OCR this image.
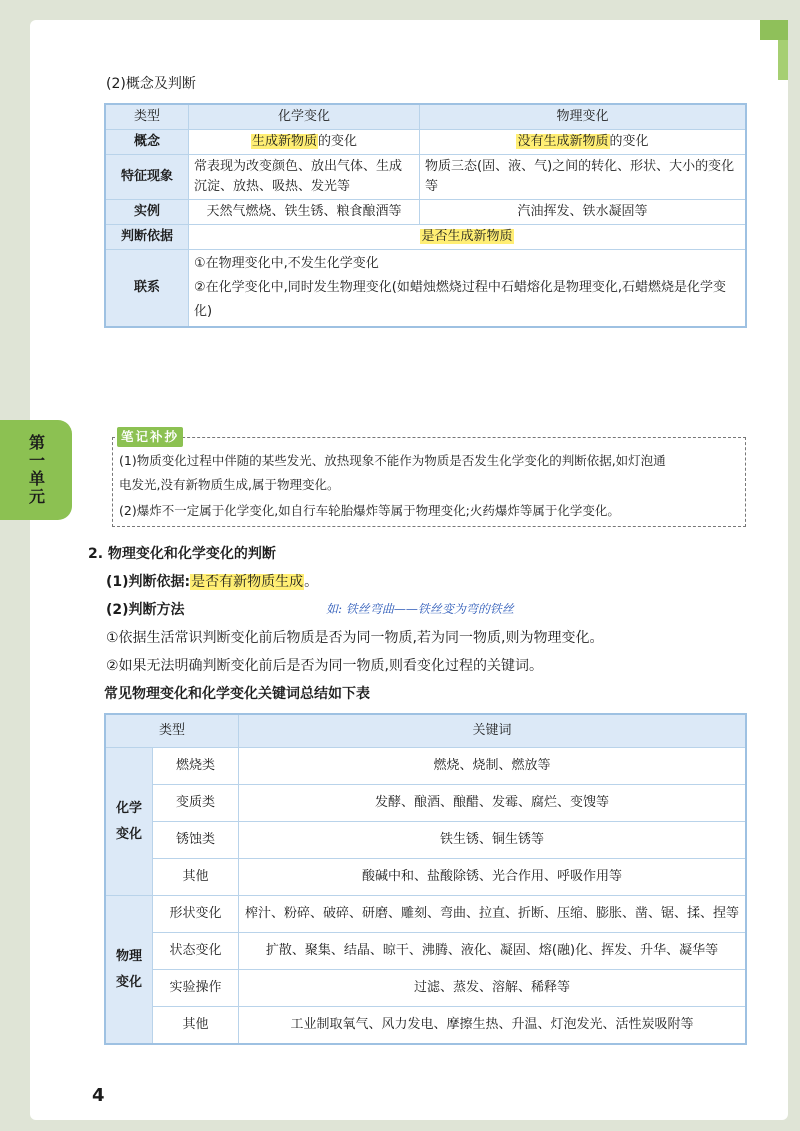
第一单元
(2)概念及判断
类型	化学变化	物理变化
概念	生成新物质的变化	没有生成新物质的变化
特征现象	常表现为改变颜色、放出气体、生成沉淀、放热、吸热、发光等	物质三态(固、液、气)之间的转化、形状、大小的变化等
实例	天然气燃烧、铁生锈、粮食酿酒等	汽油挥发、铁水凝固等
判断依据	是否生成新物质	
联系	①在物理变化中,不发生化学变化
②在化学变化中,同时发生物理变化(如蜡烛燃烧过程中石蜡熔化是物理变化,石蜡燃烧是化学变化)	
笔记补抄
(1)物质变化过程中伴随的某些发光、放热现象不能作为物质是否发生化学变化的判断依据,如灯泡通
电发光,没有新物质生成,属于物理变化。
(2)爆炸不一定属于化学变化,如自行车轮胎爆炸等属于物理变化;火药爆炸等属于化学变化。
2. 物理变化和化学变化的判断
(1)判断依据:是否有新物质生成。
(2)判断方法	如: 铁丝弯曲——铁丝变为弯的铁丝
①依据生活常识判断变化前后物质是否为同一物质,若为同一物质,则为物理变化。
②如果无法明确判断变化前后是否为同一物质,则看变化过程的关键词。
常见物理变化和化学变化关键词总结如下表
类型		关键词
化学变化	燃烧类	燃烧、烧制、燃放等
	变质类	发酵、酿酒、酿醋、发霉、腐烂、变馊等
	锈蚀类	铁生锈、铜生锈等
	其他	酸碱中和、盐酸除锈、光合作用、呼吸作用等
物理变化	形状变化	榨汁、粉碎、破碎、研磨、雕刻、弯曲、拉直、折断、压缩、膨胀、凿、锯、揉、捏等
	状态变化	扩散、聚集、结晶、晾干、沸腾、液化、凝固、熔(融)化、挥发、升华、凝华等
	实验操作	过滤、蒸发、溶解、稀释等
	其他	工业制取氧气、风力发电、摩擦生热、升温、灯泡发光、活性炭吸附等
4
